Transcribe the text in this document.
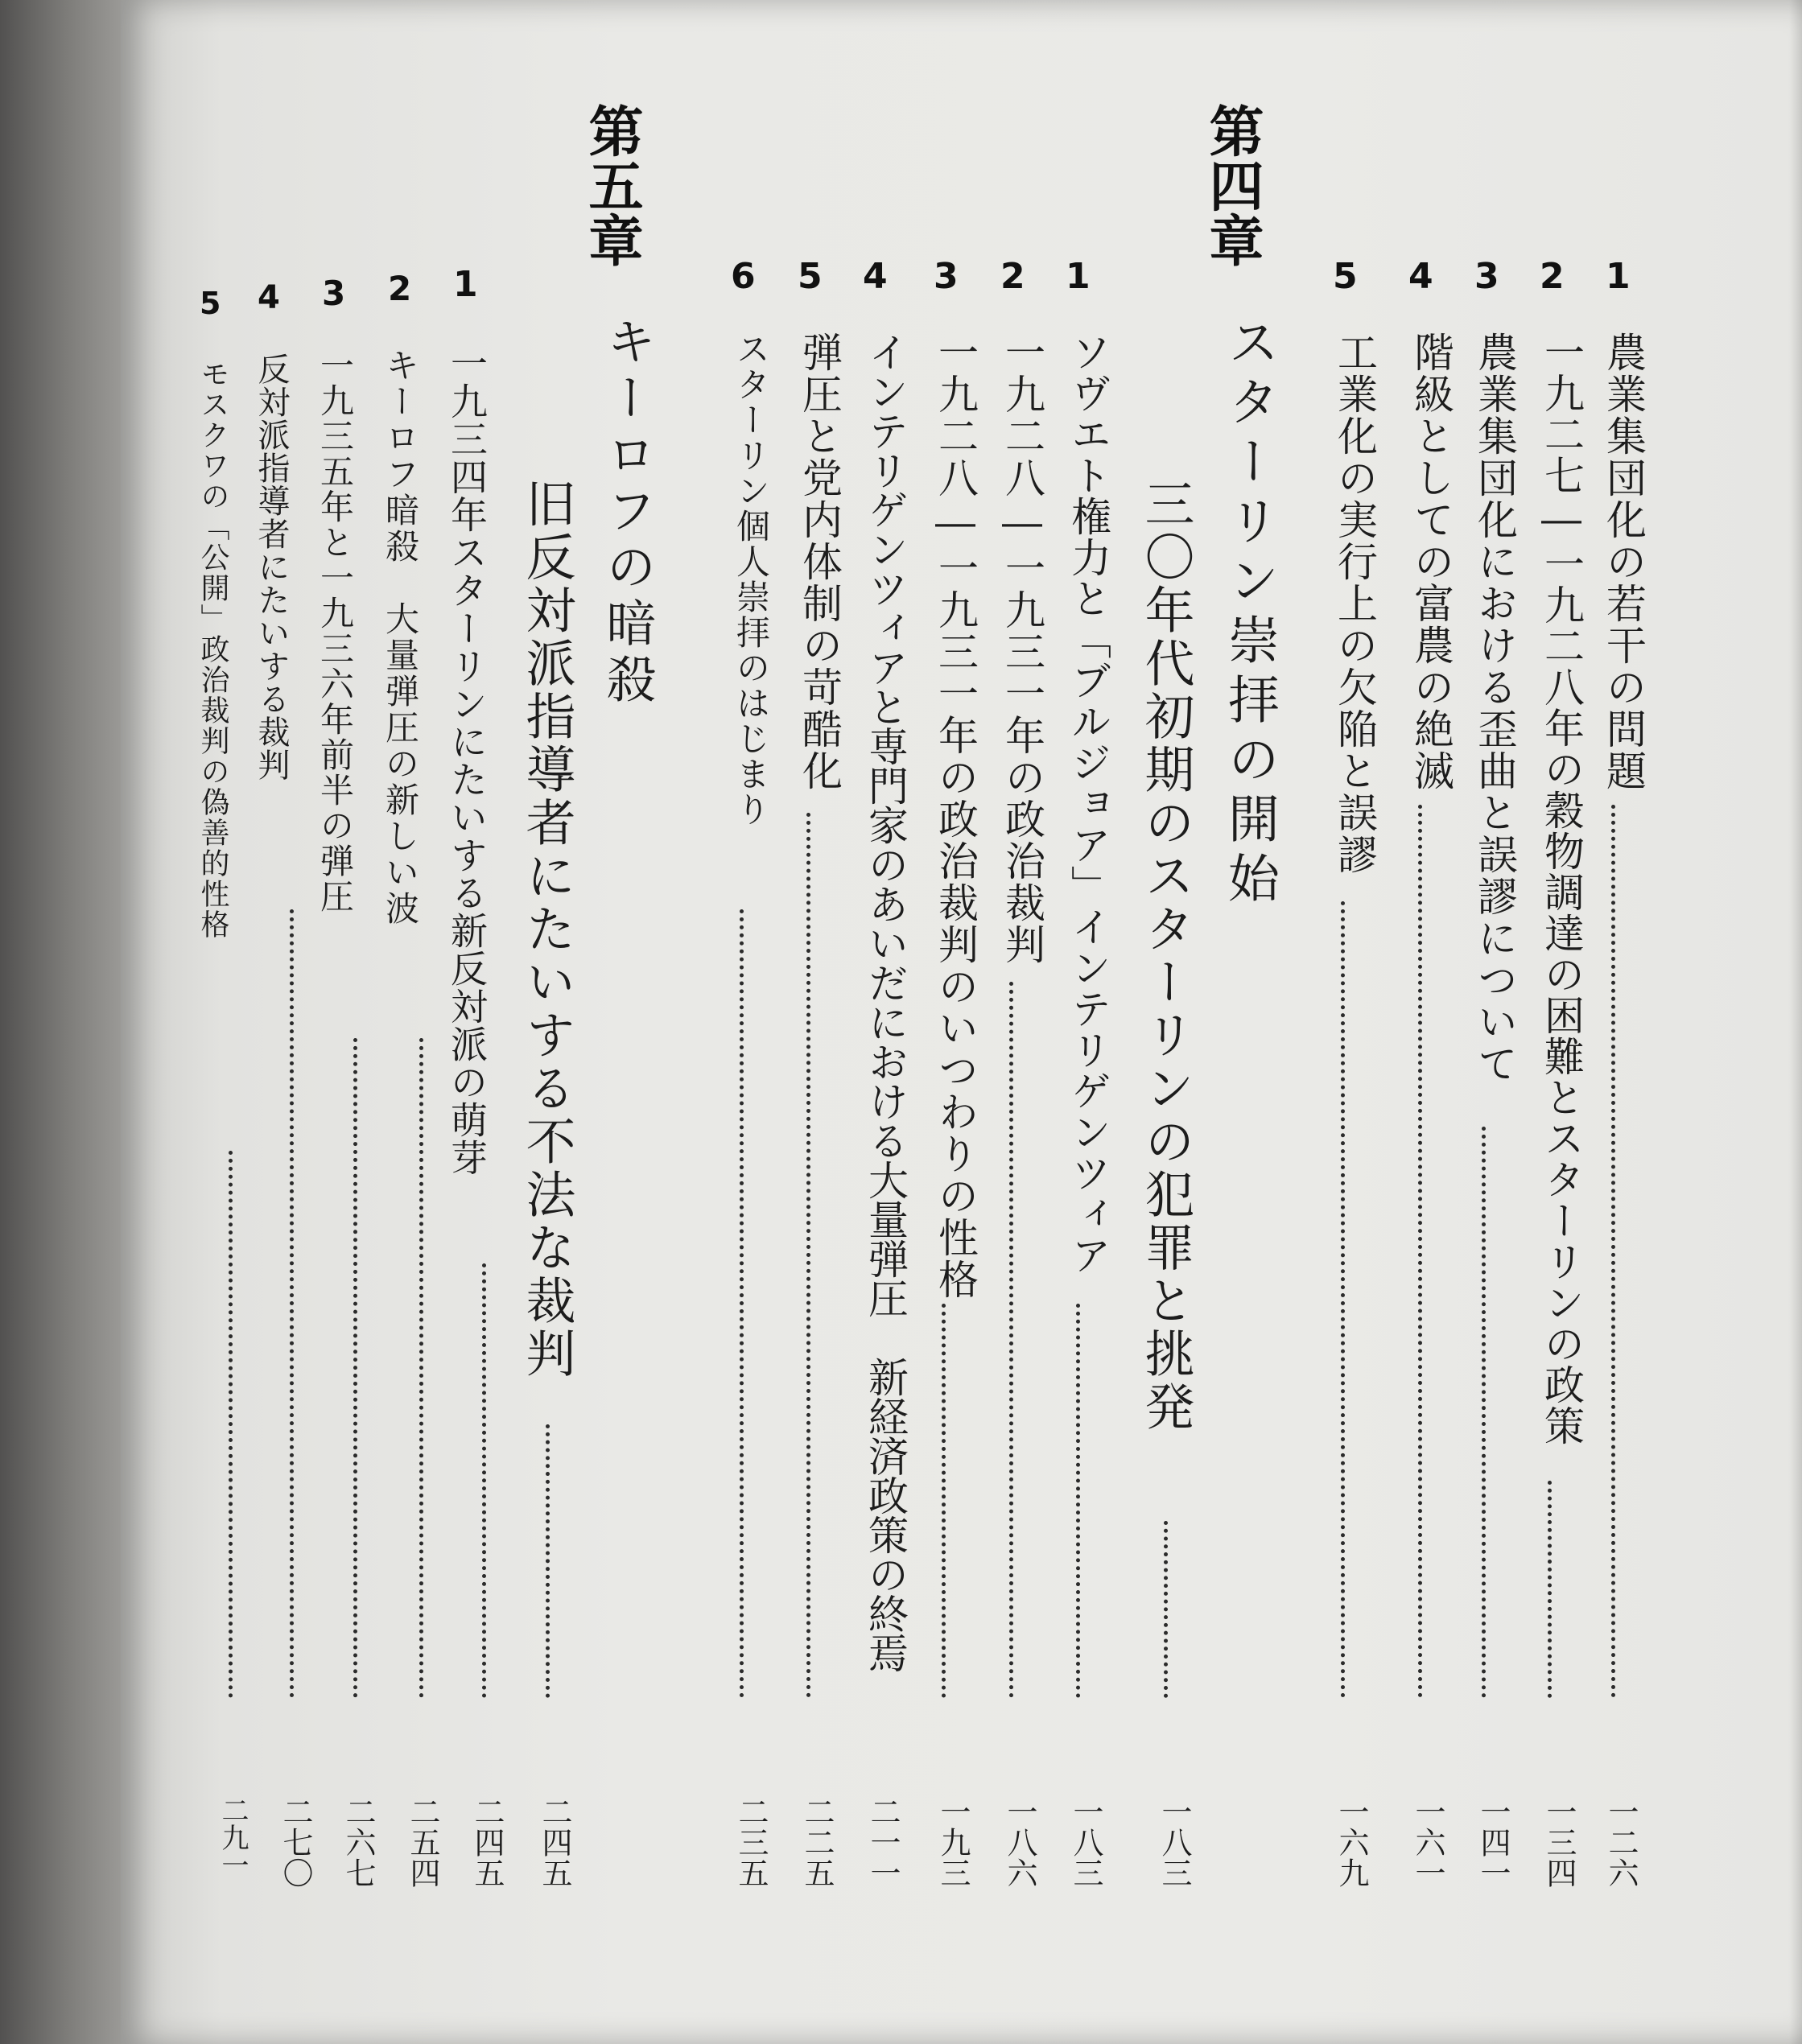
第四章
スターリン崇拝の開始
1
農業集団化の若干の問題
一二六
2
一九二七―一九二八年の穀物調達の困難とスターリンの政策
一三四
3
農業集団化における歪曲と誤謬について
一四一
4
階級としての富農の絶滅
一六一
5
工業化の実行上の欠陥と誤謬
一六九
三〇年代初期のスターリンの犯罪と挑発
一八三
1
ソヴエト権力と「ブルジョア」インテリゲンツィア
一八三
2
一九二八―一九三一年の政治裁判
一八六
3
一九二八―一九三一年の政治裁判のいつわりの性格
一九三
4
インテリゲンツィアと専門家のあいだにおける大量弾圧　新経済政策の終焉
二一一
5
弾圧と党内体制の苛酷化
二二五
6
スターリン個人崇拝のはじまり
二三五
第五章
キーロフの暗殺
旧反対派指導者にたいする不法な裁判
二四五
1
一九三四年スターリンにたいする新反対派の萌芽
二四五
2
キーロフ暗殺　大量弾圧の新しい波
二五四
3
一九三五年と一九三六年前半の弾圧
二六七
4
反対派指導者にたいする裁判
二七〇
5
モスクワの「公開」政治裁判の偽善的性格
二九一
